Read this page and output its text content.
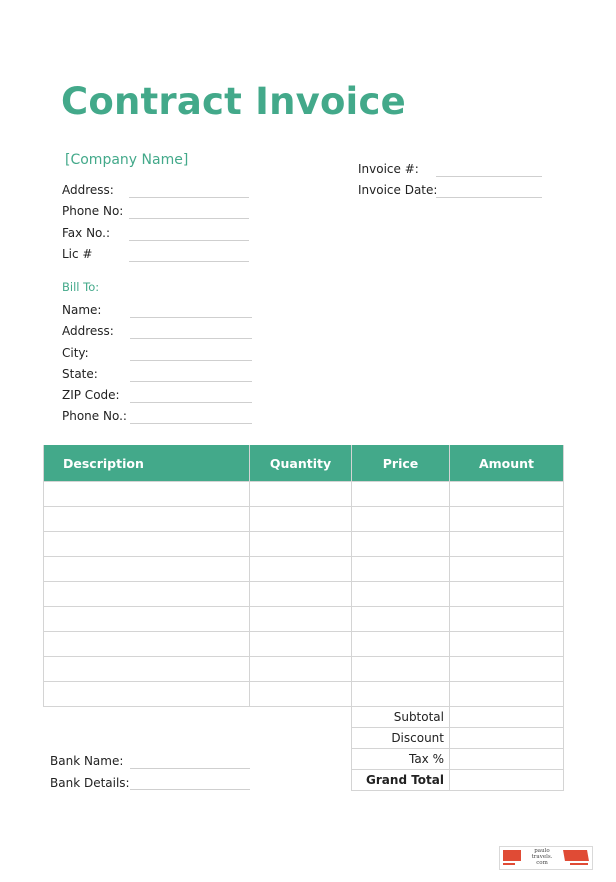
Contract Invoice
[Company Name]
Address:
Phone No:
Fax No.:
Lic #
Invoice #:
Invoice Date:
Bill To:
Name:
Address:
City:
State:
ZIP Code:
Phone No.:
Description	Quantity	Price	Amount

Subtotal	
Discount	
Tax %	
Grand Total	
Bank Name:
Bank Details:
paulo
travels.
com
